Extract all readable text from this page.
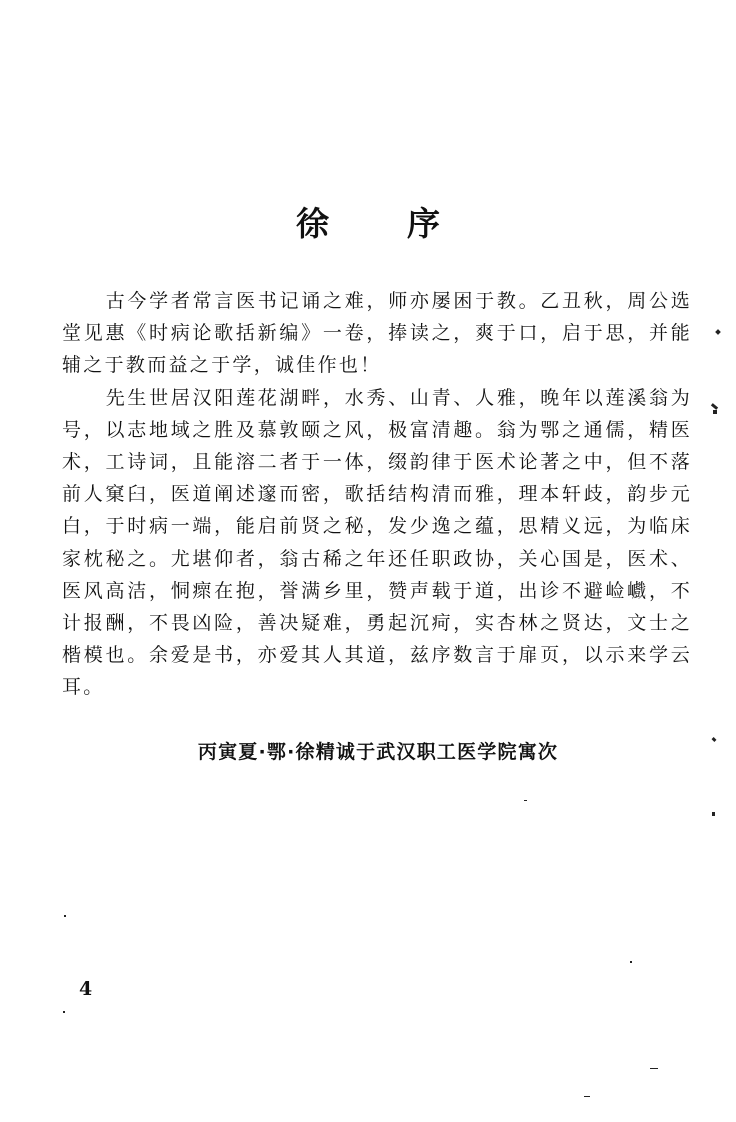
徐 序

古今学者常言医书记诵之难，师亦屡困于教。乙丑秋，周公选堂见惠《时病论歌括新编》一卷，捧读之，爽于口，启于思，并能辅之于教而益之于学，诚佳作也！

先生世居汉阳莲花湖畔，水秀、山青、人雅，晚年以莲溪翁为号，以志地域之胜及慕敦颐之风，极富清趣。翁为鄂之通儒，精医术，工诗词，且能溶二者于一体，缀韵律于医术论著之中，但不落前人窠臼，医道阐述邃而密，歌括结构清而雅，理本轩歧，韵步元白，于时病一端，能启前贤之秘，发少逸之蕴，思精义远，为临床家枕秘之。尤堪仰者，翁古稀之年还任职政协，关心国是，医术、医风高洁，恫瘝在抱，誉满乡里，赞声载于道，出诊不避崄巇，不计报酬，不畏凶险，善决疑难，勇起沉疴，实杏林之贤达，文士之楷模也。余爱是书，亦爱其人其道，兹序数言于扉页，以示来学云耳。

丙寅夏·鄂·徐精诚于武汉职工医学院寓次
4
